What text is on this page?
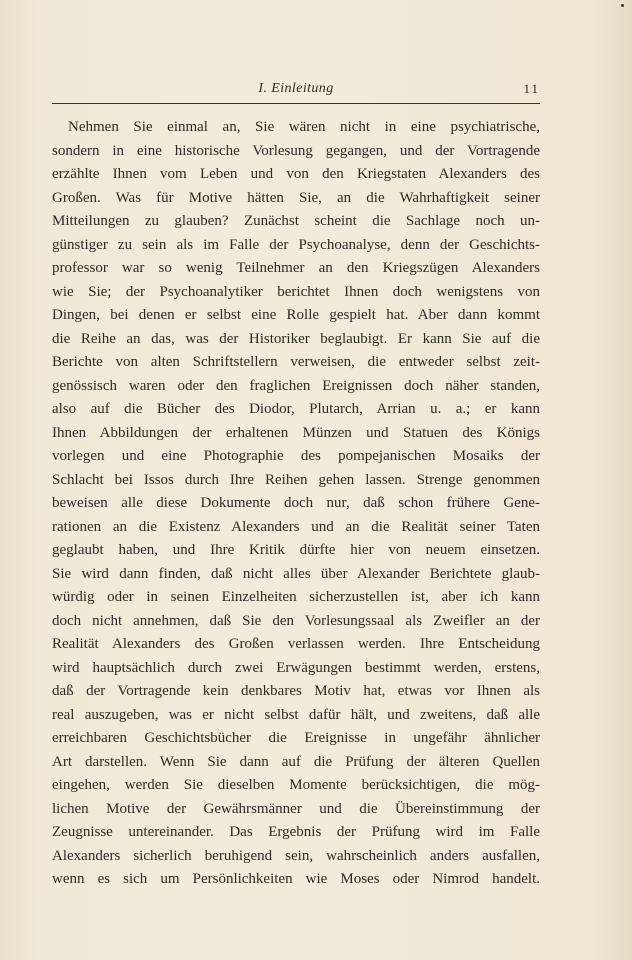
I. Einleitung	11
Nehmen Sie einmal an, Sie wären nicht in eine psychiatrische,
sondern in eine historische Vorlesung gegangen, und der Vortragende
erzählte Ihnen vom Leben und von den Kriegstaten Alexanders des
Großen. Was für Motive hätten Sie, an die Wahrhaftigkeit seiner
Mitteilungen zu glauben? Zunächst scheint die Sachlage noch un-
günstiger zu sein als im Falle der Psychoanalyse, denn der Geschichts-
professor war so wenig Teilnehmer an den Kriegszügen Alexanders
wie Sie; der Psychoanalytiker berichtet Ihnen doch wenigstens von
Dingen, bei denen er selbst eine Rolle gespielt hat. Aber dann kommt
die Reihe an das, was der Historiker beglaubigt. Er kann Sie auf die
Berichte von alten Schriftstellern verweisen, die entweder selbst zeit-
genössisch waren oder den fraglichen Ereignissen doch näher standen,
also auf die Bücher des Diodor, Plutarch, Arrian u. a.; er kann
Ihnen Abbildungen der erhaltenen Münzen und Statuen des Königs
vorlegen und eine Photographie des pompejanischen Mosaiks der
Schlacht bei Issos durch Ihre Reihen gehen lassen. Strenge genommen
beweisen alle diese Dokumente doch nur, daß schon frühere Gene-
rationen an die Existenz Alexanders und an die Realität seiner Taten
geglaubt haben, und Ihre Kritik dürfte hier von neuem einsetzen.
Sie wird dann finden, daß nicht alles über Alexander Berichtete glaub-
würdig oder in seinen Einzelheiten sicherzustellen ist, aber ich kann
doch nicht annehmen, daß Sie den Vorlesungssaal als Zweifler an der
Realität Alexanders des Großen verlassen werden. Ihre Entscheidung
wird hauptsächlich durch zwei Erwägungen bestimmt werden, erstens,
daß der Vortragende kein denkbares Motiv hat, etwas vor Ihnen als
real auszugeben, was er nicht selbst dafür hält, und zweitens, daß alle
erreichbaren Geschichtsbücher die Ereignisse in ungefähr ähnlicher
Art darstellen. Wenn Sie dann auf die Prüfung der älteren Quellen
eingehen, werden Sie dieselben Momente berücksichtigen, die mög-
lichen Motive der Gewährsmänner und die Übereinstimmung der
Zeugnisse untereinander. Das Ergebnis der Prüfung wird im Falle
Alexanders sicherlich beruhigend sein, wahrscheinlich anders ausfallen,
wenn es sich um Persönlichkeiten wie Moses oder Nimrod handelt.
